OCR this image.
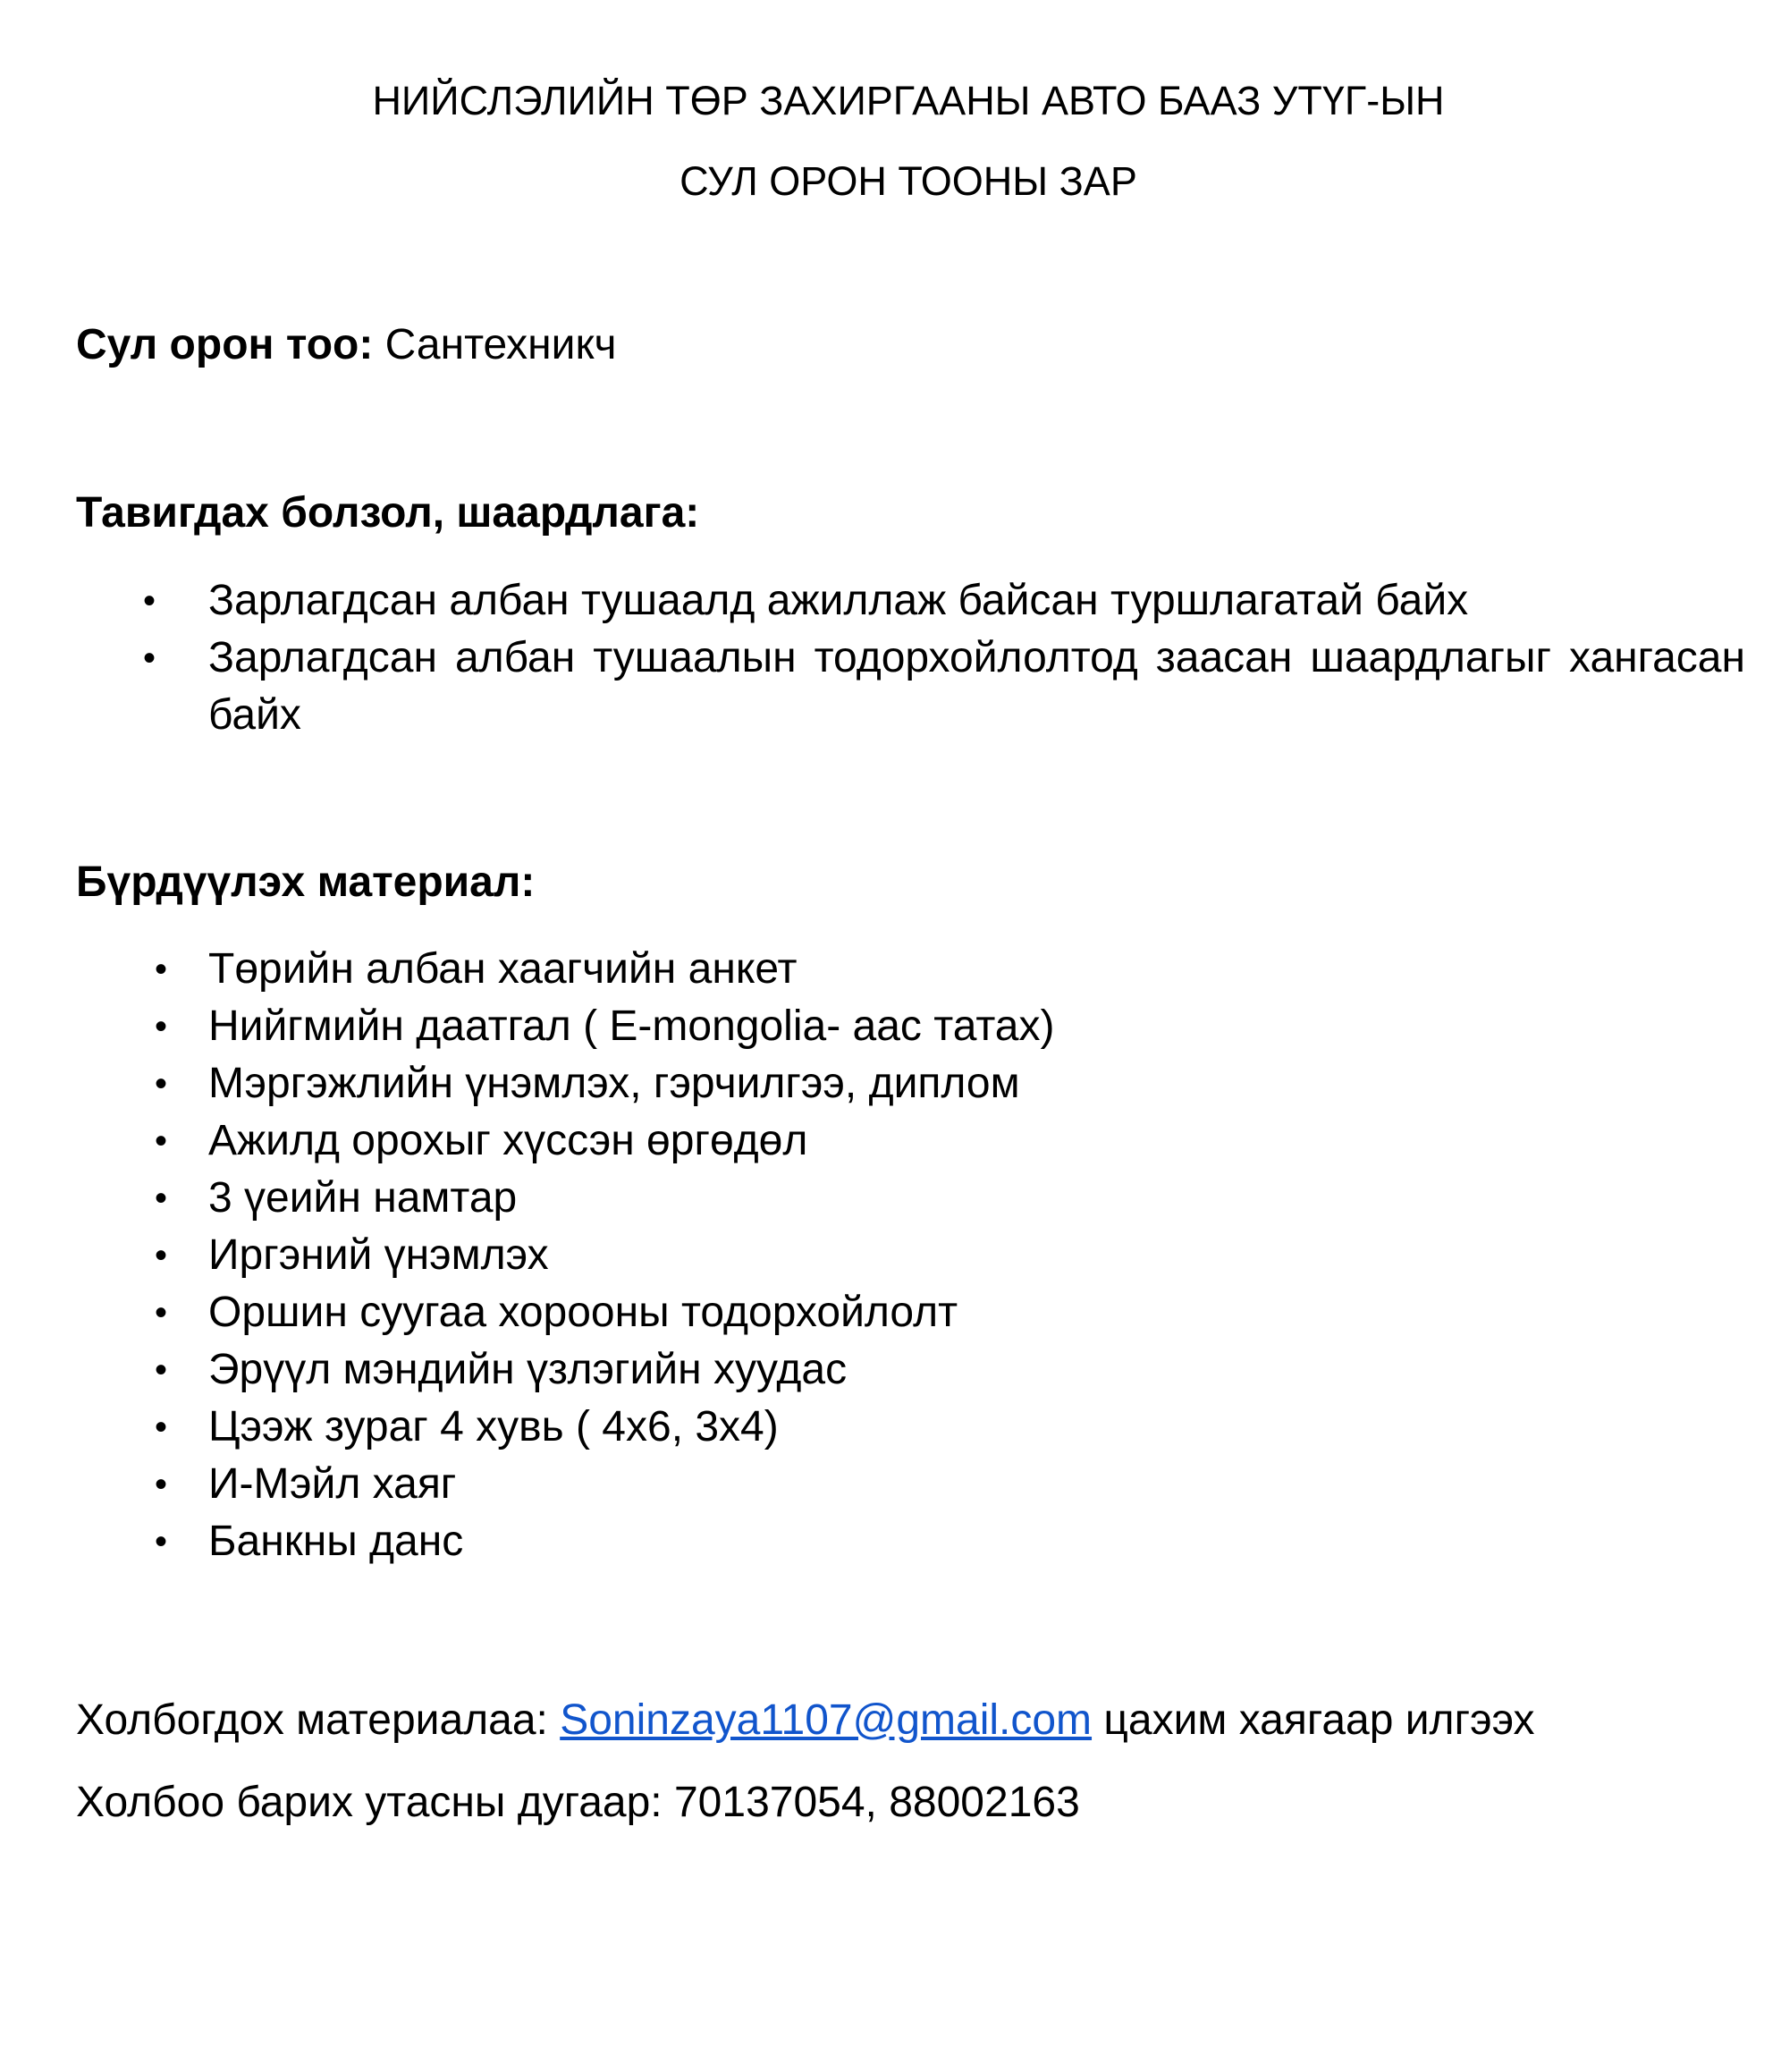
НИЙСЛЭЛИЙН ТӨР ЗАХИРГААНЫ АВТО БААЗ УТҮГ-ЫН
СУЛ ОРОН ТООНЫ ЗАР
Сул орон тоо: Сантехникч
Тавигдах болзол, шаардлага:
•	Зарлагдсан албан тушаалд ажиллаж байсан туршлагатай байх
•	Зарлагдсан албан тушаалын тодорхойлолтод заасан шаардлагыг хангасан байх
Бүрдүүлэх материал:
• Төрийн албан хаагчийн анкет
• Нийгмийн даатгал ( E-mongolia- аас татах)
• Мэргэжлийн үнэмлэх, гэрчилгээ, диплом
• Ажилд орохыг хүссэн өргөдөл
• 3 үеийн намтар
• Иргэний үнэмлэх
• Оршин суугаа хорооны тодорхойлолт
• Эрүүл мэндийн үзлэгийн хуудас
• Цээж зураг 4 хувь ( 4х6, 3х4)
• И-Мэйл хаяг
• Банкны данс
Холбогдох материалаа: Soninzaya1107@gmail.com цахим хаягаар илгээх
Холбоо барих утасны дугаар: 70137054, 88002163
